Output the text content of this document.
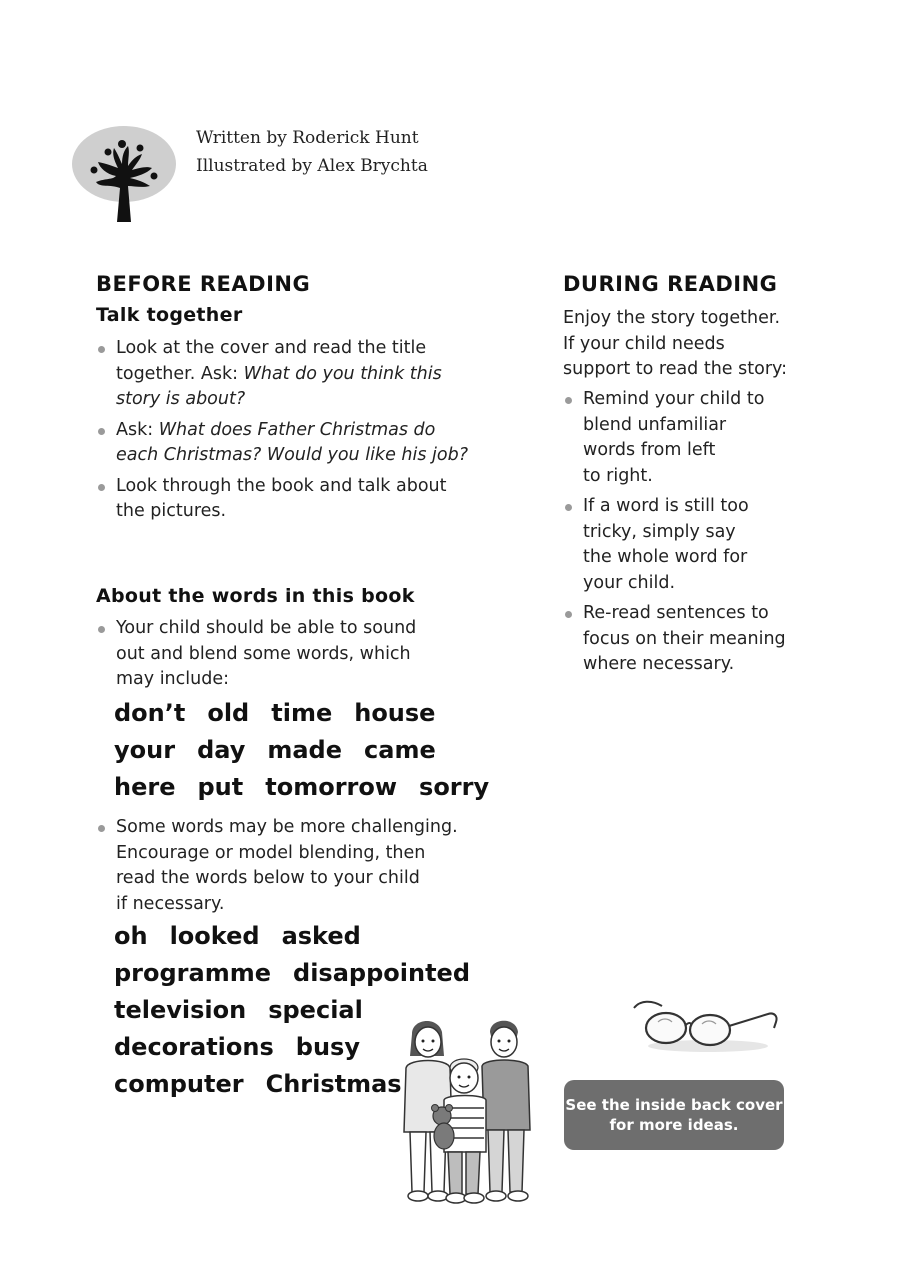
Written by Roderick Hunt
Illustrated by Alex Brychta
BEFORE READING
Talk together
Look at the cover and read the title
together. Ask: What do you think this
story is about?
Ask: What does Father Christmas do
each Christmas? Would you like his job?
Look through the book and talk about
the pictures.
About the words in this book
Your child should be able to sound
out and blend some words, which
may include:
don’t old time house
your day made came
here put tomorrow sorry
Some words may be more challenging.
Encourage or model blending, then
read the words below to your child
if necessary.
oh looked asked
programme disappointed
television special
decorations busy
computer Christmas
DURING READING
Enjoy the story together.
If your child needs
support to read the story:
Remind your child to
blend unfamiliar
words from left
to right.
If a word is still too
tricky, simply say
the whole word for
your child.
Re-read sentences to
focus on their meaning
where necessary.
See the inside back cover
for more ideas.
